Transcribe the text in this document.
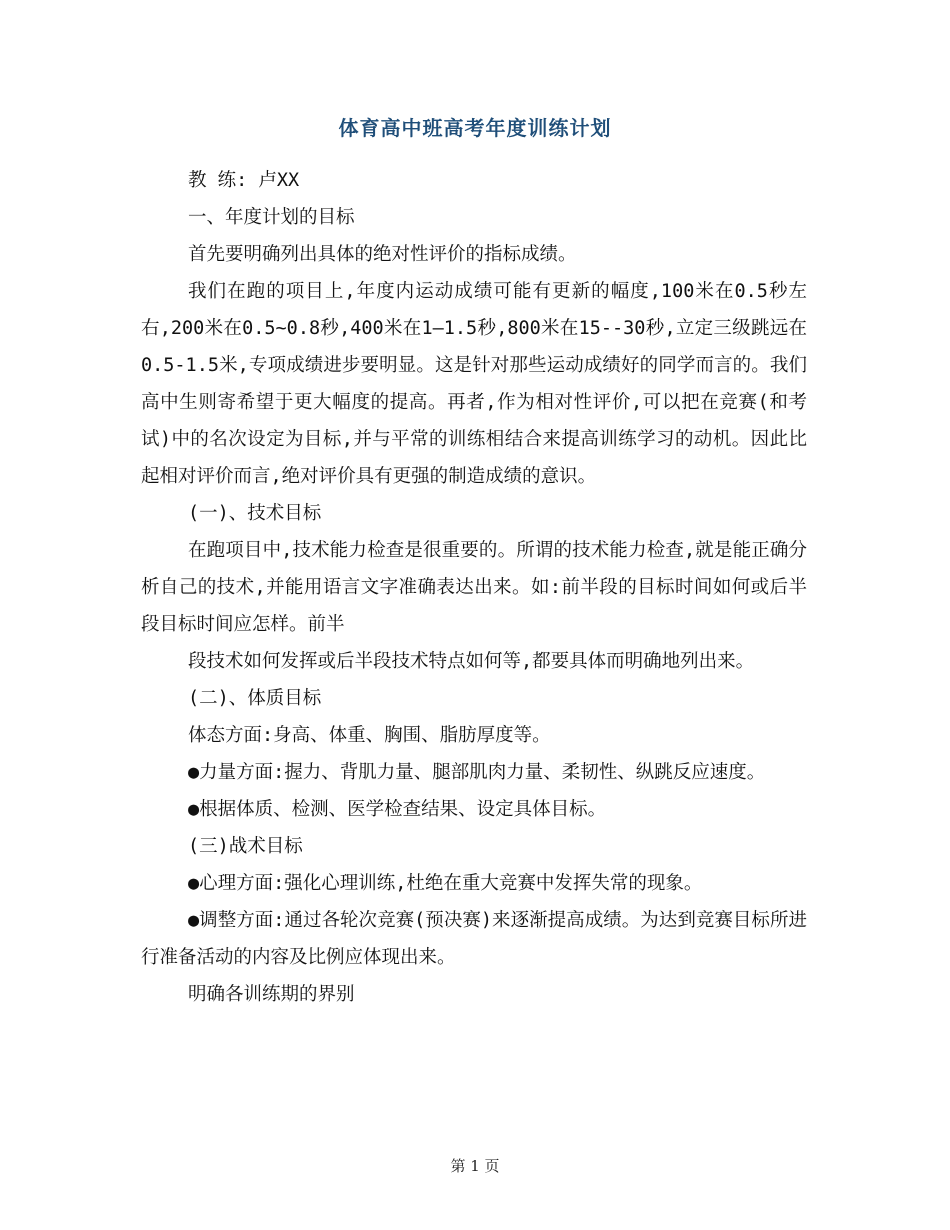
体育高中班高考年度训练计划

教 练: 卢XX

一、年度计划的目标

首先要明确列出具体的绝对性评价的指标成绩。

我们在跑的项目上,年度内运动成绩可能有更新的幅度,100米在0.5秒左右,200米在0.5~0.8秒,400米在1—1.5秒,800米在15--30秒,立定三级跳远在0.5-1.5米,专项成绩进步要明显。这是针对那些运动成绩好的同学而言的。我们高中生则寄希望于更大幅度的提高。再者,作为相对性评价,可以把在竞赛(和考试)中的名次设定为目标,并与平常的训练相结合来提高训练学习的动机。因此比起相对评价而言,绝对评价具有更强的制造成绩的意识。

(一)、技术目标

在跑项目中,技术能力检查是很重要的。所谓的技术能力检查,就是能正确分析自己的技术,并能用语言文字准确表达出来。如:前半段的目标时间如何或后半段目标时间应怎样。前半

段技术如何发挥或后半段技术特点如何等,都要具体而明确地列出来。

(二)、体质目标

体态方面:身高、体重、胸围、脂肪厚度等。

●力量方面:握力、背肌力量、腿部肌肉力量、柔韧性、纵跳反应速度。

●根据体质、检测、医学检查结果、设定具体目标。

(三)战术目标

●心理方面:强化心理训练,杜绝在重大竞赛中发挥失常的现象。

●调整方面:通过各轮次竞赛(预决赛)来逐渐提高成绩。为达到竞赛目标所进行准备活动的内容及比例应体现出来。

明确各训练期的界别

第 1 页
